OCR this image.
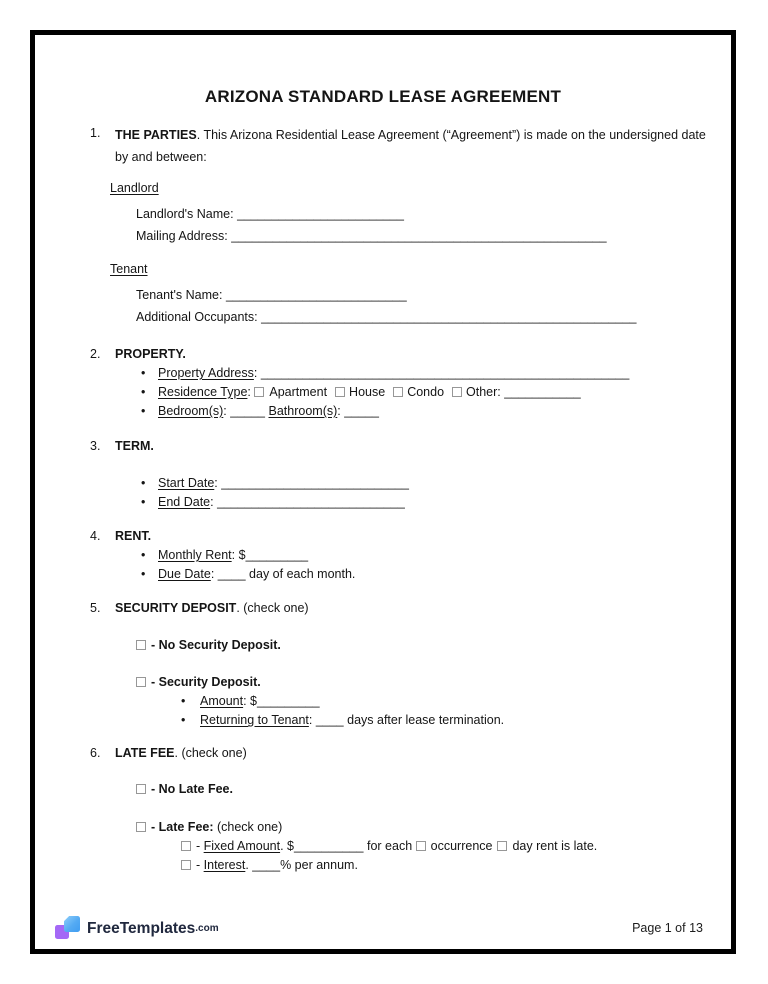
ARIZONA STANDARD LEASE AGREEMENT
1.	THE PARTIES. This Arizona Residential Lease Agreement (“Agreement”) is made on the undersigned date by and between:
Landlord
Landlord's Name: ________________________
Mailing Address: ______________________________________________________
Tenant
Tenant's Name: __________________________
Additional Occupants: ______________________________________________________
2.	PROPERTY.
•	Property Address: _____________________________________________________
•	Residence Type: Apartment House Condo Other: ___________
•	Bedroom(s): _____ Bathroom(s): _____
3.	TERM.
•	Start Date: ___________________________
•	End Date: ___________________________
4.	RENT.
•	Monthly Rent: $_________
•	Due Date: ____ day of each month.
5.	SECURITY DEPOSIT. (check one)
- No Security Deposit.
- Security Deposit.
•	Amount: $_________
•	Returning to Tenant: ____ days after lease termination.
6.	LATE FEE. (check one)
- No Late Fee.
- Late Fee: (check one)
- Fixed Amount. $__________ for each occurrence day rent is late.
- Interest. ____% per annum.
FreeTemplates .com	Page 1 of 13
